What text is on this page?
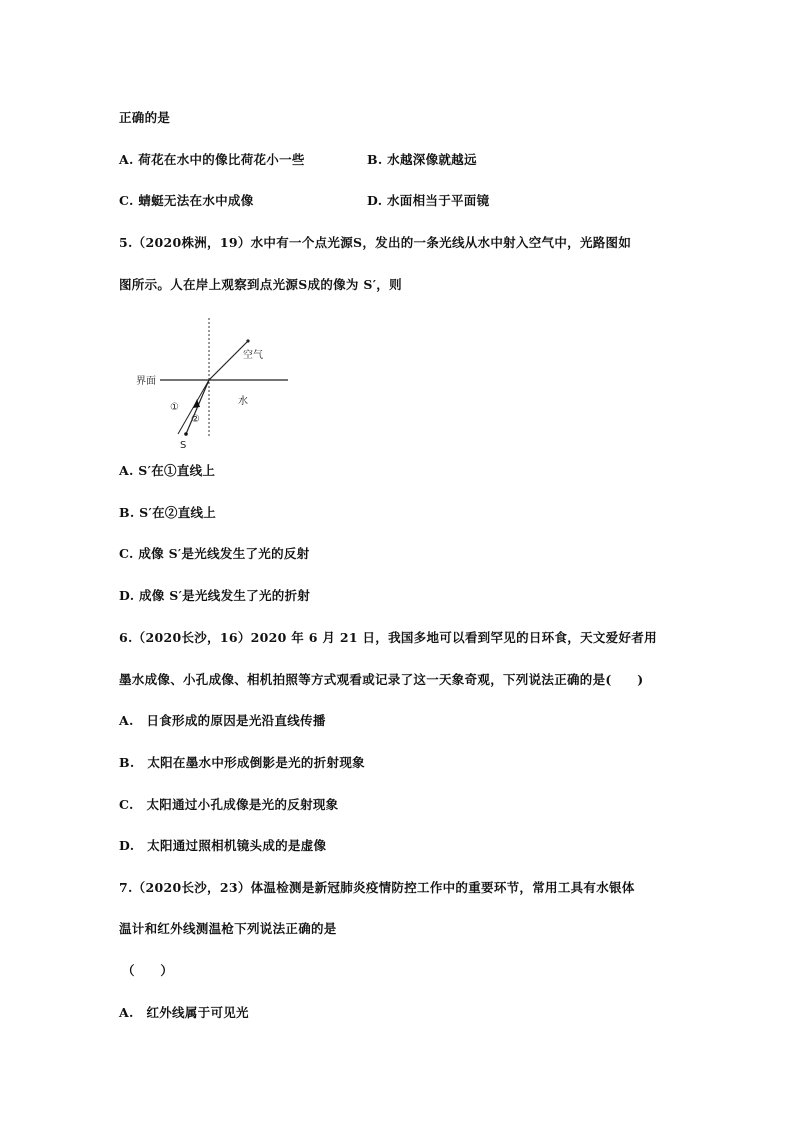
正确的是
A. 荷花在水中的像比荷花小一些	B. 水越深像就越远
C. 蜻蜓无法在水中成像	D. 水面相当于平面镜
5.（2020株洲，19）水中有一个点光源S，发出的一条光线从水中射入空气中，光路图如
图所示。人在岸上观察到点光源S成的像为 S′，则
界面
空气
水
①
②
S
A. S′在①直线上
B. S′在②直线上
C. 成像 S′是光线发生了光的反射
D. 成像 S′是光线发生了光的折射
6.（2020长沙，16）2020 年 6 月 21 日，我国多地可以看到罕见的日环食，天文爱好者用
墨水成像、小孔成像、相机拍照等方式观看或记录了这一天象奇观，下列说法正确的是(　　)
A.　日食形成的原因是光沿直线传播
B.　太阳在墨水中形成倒影是光的折射现象
C.　太阳通过小孔成像是光的反射现象
D.　太阳通过照相机镜头成的是虚像
7.（2020长沙，23）体温检测是新冠肺炎疫情防控工作中的重要环节，常用工具有水银体
温计和红外线测温枪下列说法正确的是
（　　）
A.　红外线属于可见光
